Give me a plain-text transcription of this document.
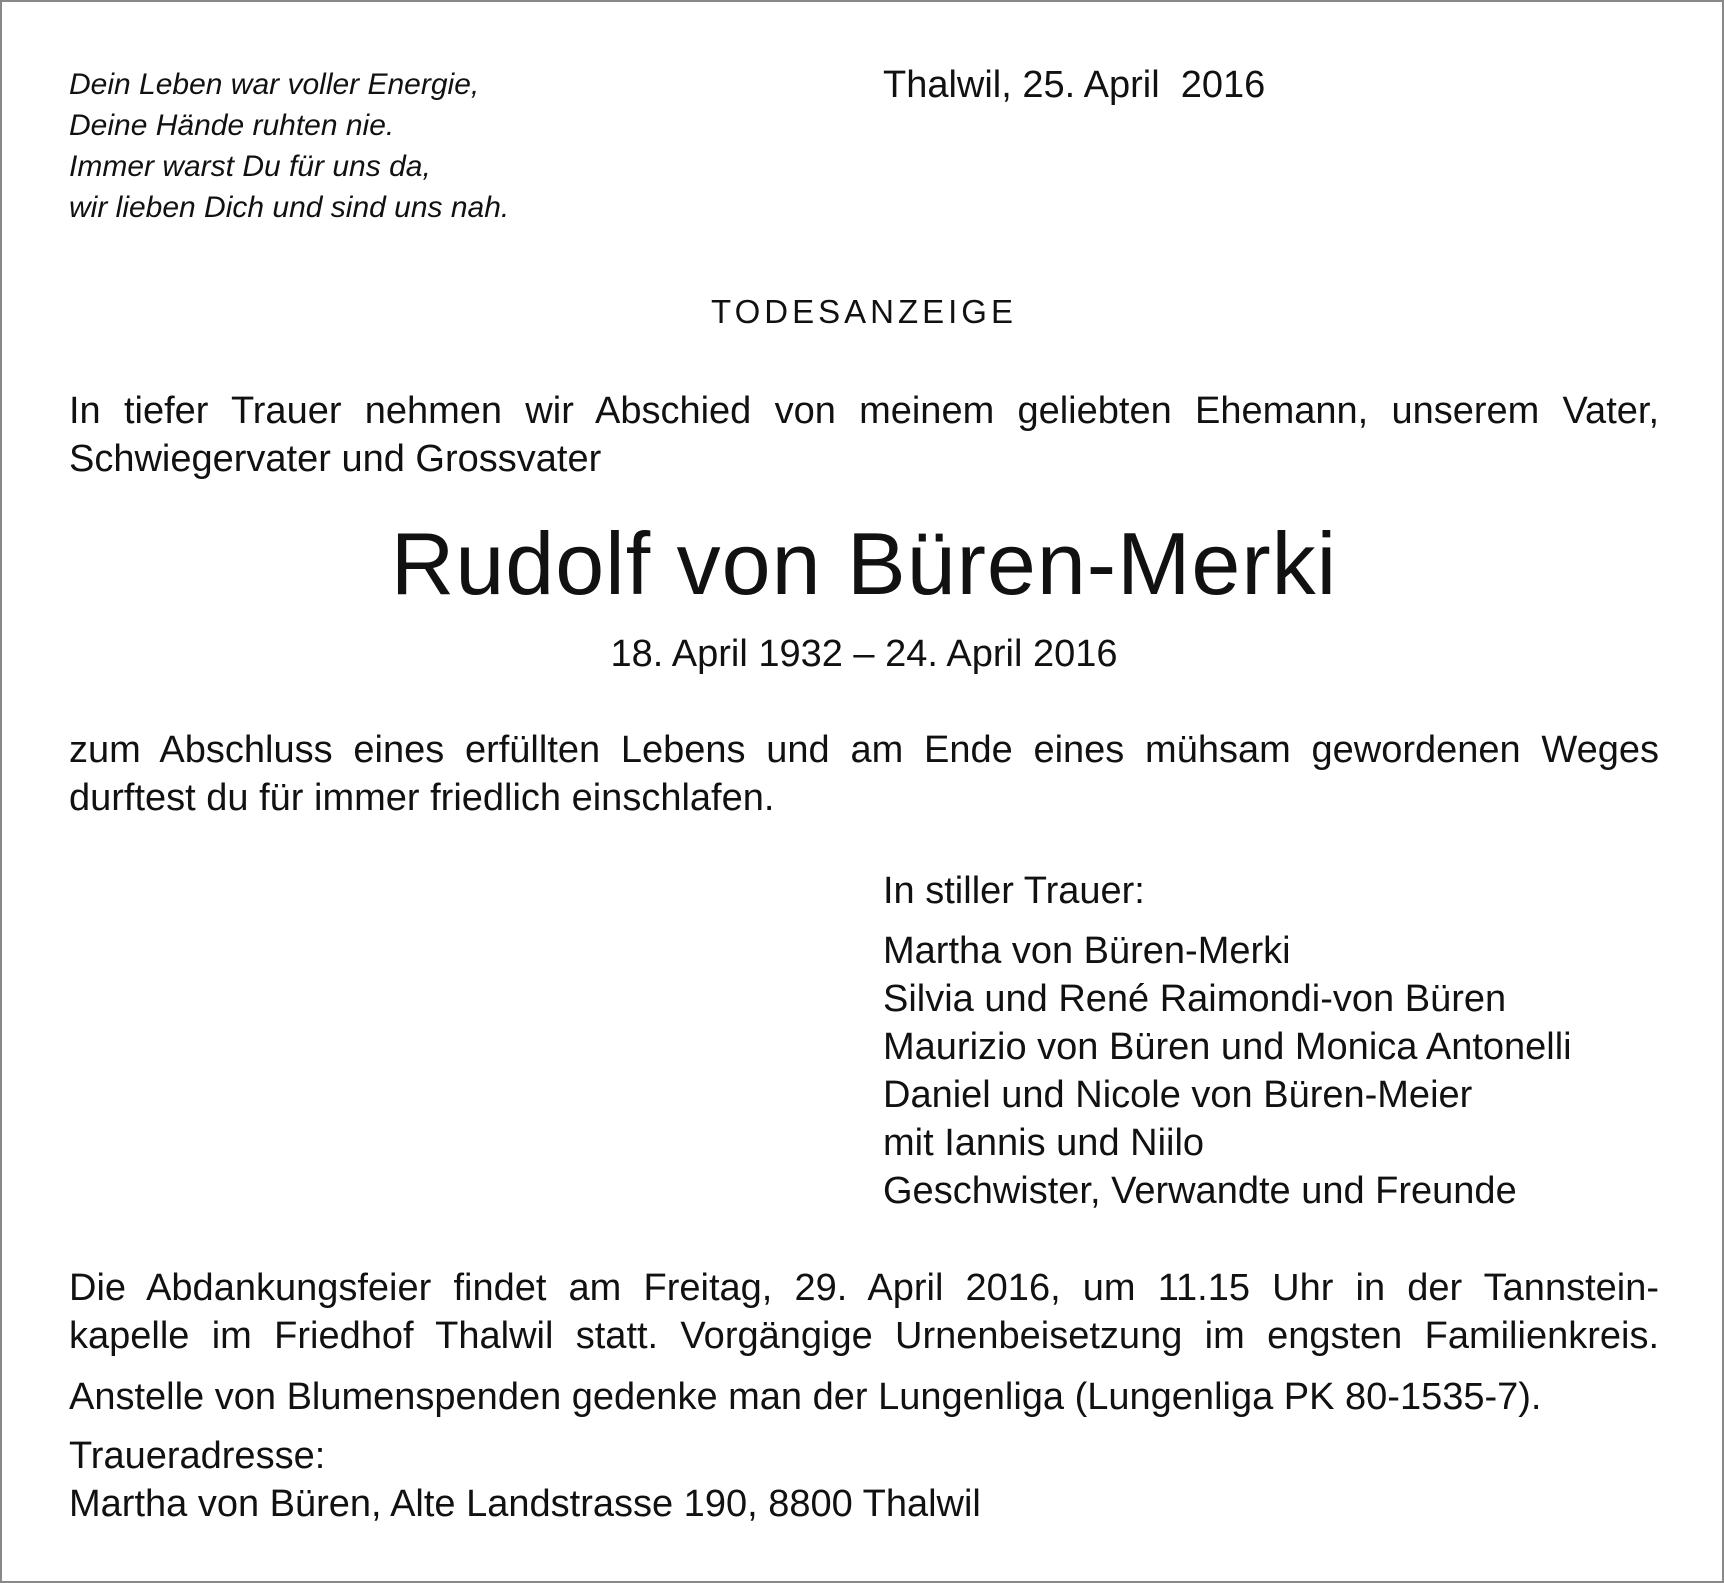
Dein Leben war voller Energie,
Deine Hände ruhten nie.
Immer warst Du für uns da,
wir lieben Dich und sind uns nah.
Thalwil, 25. April  2016
TODESANZEIGE
In tiefer Trauer nehmen wir Abschied von meinem geliebten Ehemann, unserem Vater,
Schwiegervater und Grossvater
Rudolf von Büren-Merki
18. April 1932 – 24. April 2016
zum Abschluss eines erfüllten Lebens und am Ende eines mühsam gewordenen Weges
durftest du für immer friedlich einschlafen.
In stiller Trauer:
Martha von Büren-Merki
Silvia und René Raimondi-von Büren
Maurizio von Büren und Monica Antonelli
Daniel und Nicole von Büren-Meier
mit Iannis und Niilo
Geschwister, Verwandte und Freunde
Die Abdankungsfeier findet am Freitag, 29. April 2016, um 11.15 Uhr in der Tannstein-
kapelle im Friedhof Thalwil statt. Vorgängige Urnenbeisetzung im engsten Familienkreis.
Anstelle von Blumenspenden gedenke man der Lungenliga (Lungenliga PK 80-1535-7).
Traueradresse:
Martha von Büren, Alte Landstrasse 190, 8800 Thalwil
